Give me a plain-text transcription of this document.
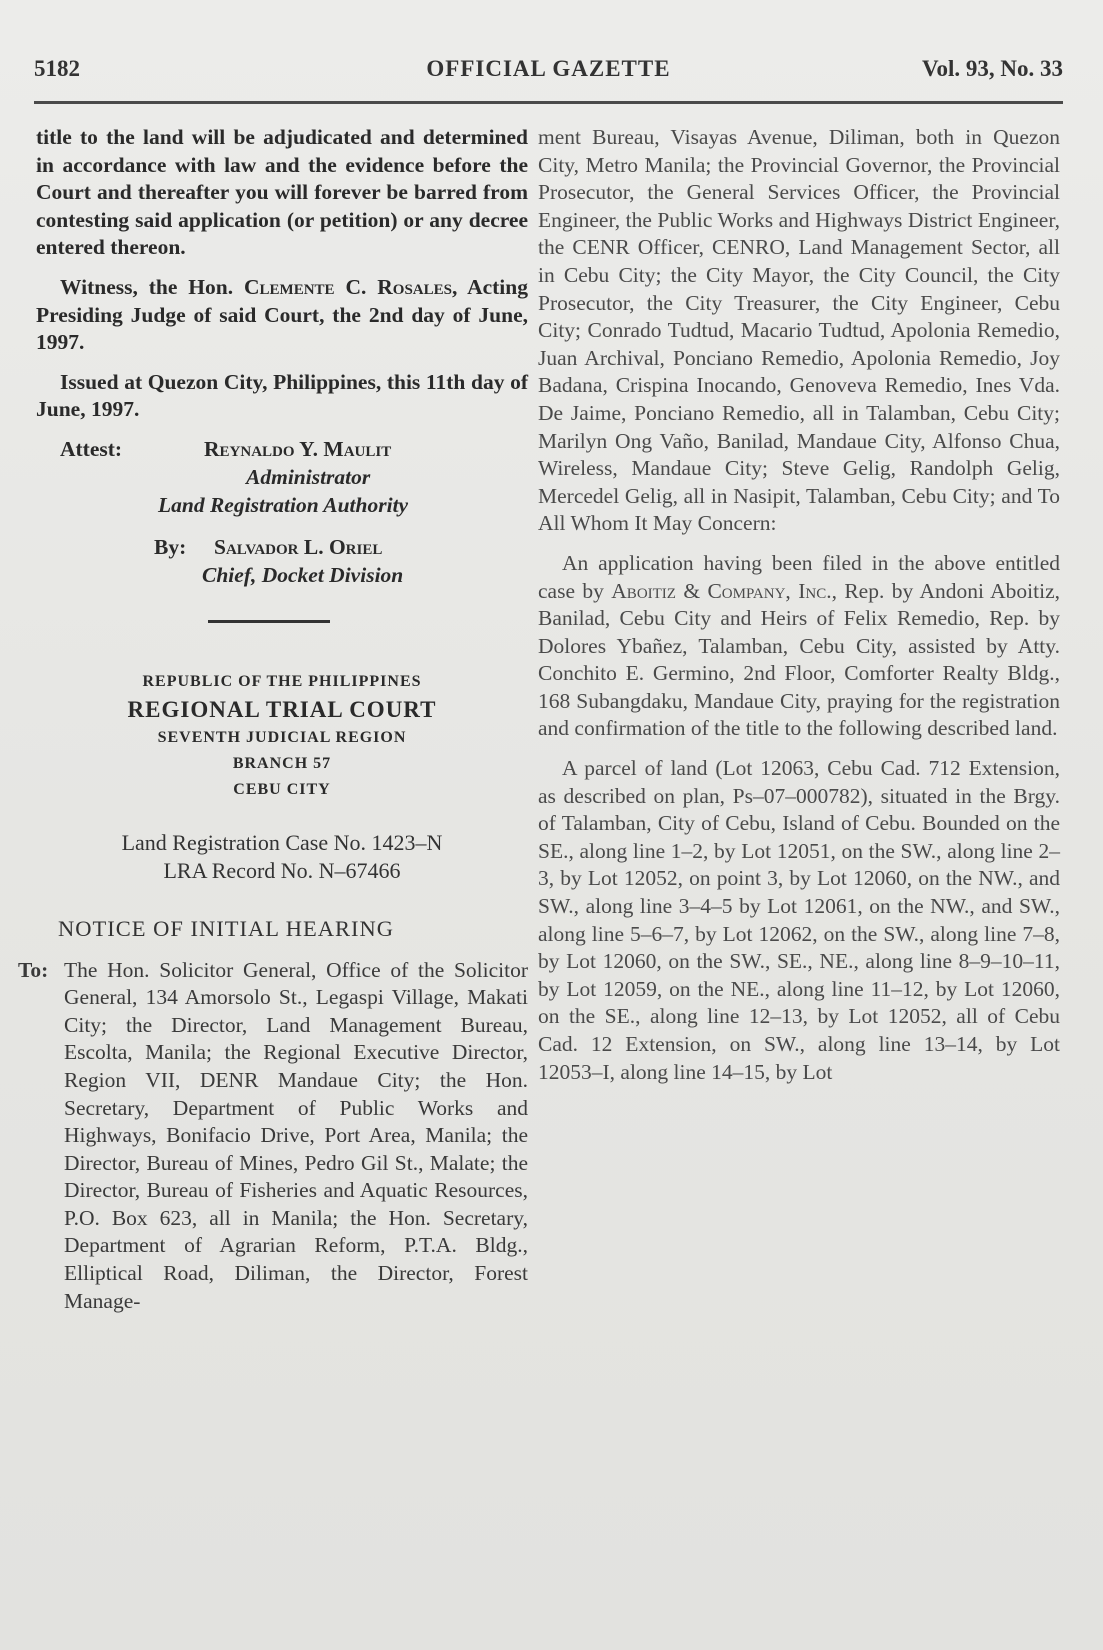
5182	OFFICIAL GAZETTE	Vol. 93, No. 33

title to the land will be adjudicated and determined in accordance with law and the evidence before the Court and thereafter you will forever be barred from contesting said application (or petition) or any decree entered thereon.

Witness, the Hon. Clemente C. Rosales, Acting Presiding Judge of said Court, the 2nd day of June, 1997.

Issued at Quezon City, Philippines, this 11th day of June, 1997.

Attest:	Reynaldo Y. Maulit
Administrator
Land Registration Authority
By: Salvador L. Oriel
Chief, Docket Division
REPUBLIC OF THE PHILIPPINES
REGIONAL TRIAL COURT
SEVENTH JUDICIAL REGION
BRANCH 57
CEBU CITY
Land Registration Case No. 1423–N
LRA Record No. N–67466
NOTICE OF INITIAL HEARING
To: The Hon. Solicitor General, Office of the Solicitor General, 134 Amorsolo St., Legaspi Village, Makati City; the Director, Land Management Bureau, Escolta, Manila; the Regional Executive Director, Region VII, DENR Mandaue City; the Hon. Secretary, Department of Public Works and Highways, Bonifacio Drive, Port Area, Manila; the Director, Bureau of Mines, Pedro Gil St., Malate; the Director, Bureau of Fisheries and Aquatic Resources, P.O. Box 623, all in Manila; the Hon. Secretary, Department of Agrarian Reform, P.T.A. Bldg., Elliptical Road, Diliman, the Director, Forest Manage-

ment Bureau, Visayas Avenue, Diliman, both in Quezon City, Metro Manila; the Provincial Governor, the Provincial Prosecutor, the General Services Officer, the Provincial Engineer, the Public Works and Highways District Engineer, the CENR Officer, CENRO, Land Management Sector, all in Cebu City; the City Mayor, the City Council, the City Prosecutor, the City Treasurer, the City Engineer, Cebu City; Conrado Tudtud, Macario Tudtud, Apolonia Remedio, Juan Archival, Ponciano Remedio, Apolonia Remedio, Joy Badana, Crispina Inocando, Genoveva Remedio, Ines Vda. De Jaime, Ponciano Remedio, all in Talamban, Cebu City; Marilyn Ong Vaño, Banilad, Mandaue City, Alfonso Chua, Wireless, Mandaue City; Steve Gelig, Randolph Gelig, Mercedel Gelig, all in Nasipit, Talamban, Cebu City; and To All Whom It May Concern:

An application having been filed in the above entitled case by Aboitiz & Company, Inc., Rep. by Andoni Aboitiz, Banilad, Cebu City and Heirs of Felix Remedio, Rep. by Dolores Ybañez, Talamban, Cebu City, assisted by Atty. Conchito E. Germino, 2nd Floor, Comforter Realty Bldg., 168 Subangdaku, Mandaue City, praying for the registration and confirmation of the title to the following described land.

A parcel of land (Lot 12063, Cebu Cad. 712 Extension, as described on plan, Ps–07–000782), situated in the Brgy. of Talamban, City of Cebu, Island of Cebu. Bounded on the SE., along line 1–2, by Lot 12051, on the SW., along line 2–3, by Lot 12052, on point 3, by Lot 12060, on the NW., and SW., along line 3–4–5 by Lot 12061, on the NW., and SW., along line 5–6–7, by Lot 12062, on the SW., along line 7–8, by Lot 12060, on the SW., SE., NE., along line 8–9–10–11, by Lot 12059, on the NE., along line 11–12, by Lot 12060, on the SE., along line 12–13, by Lot 12052, all of Cebu Cad. 12 Extension, on SW., along line 13–14, by Lot 12053–I, along line 14–15, by Lot
